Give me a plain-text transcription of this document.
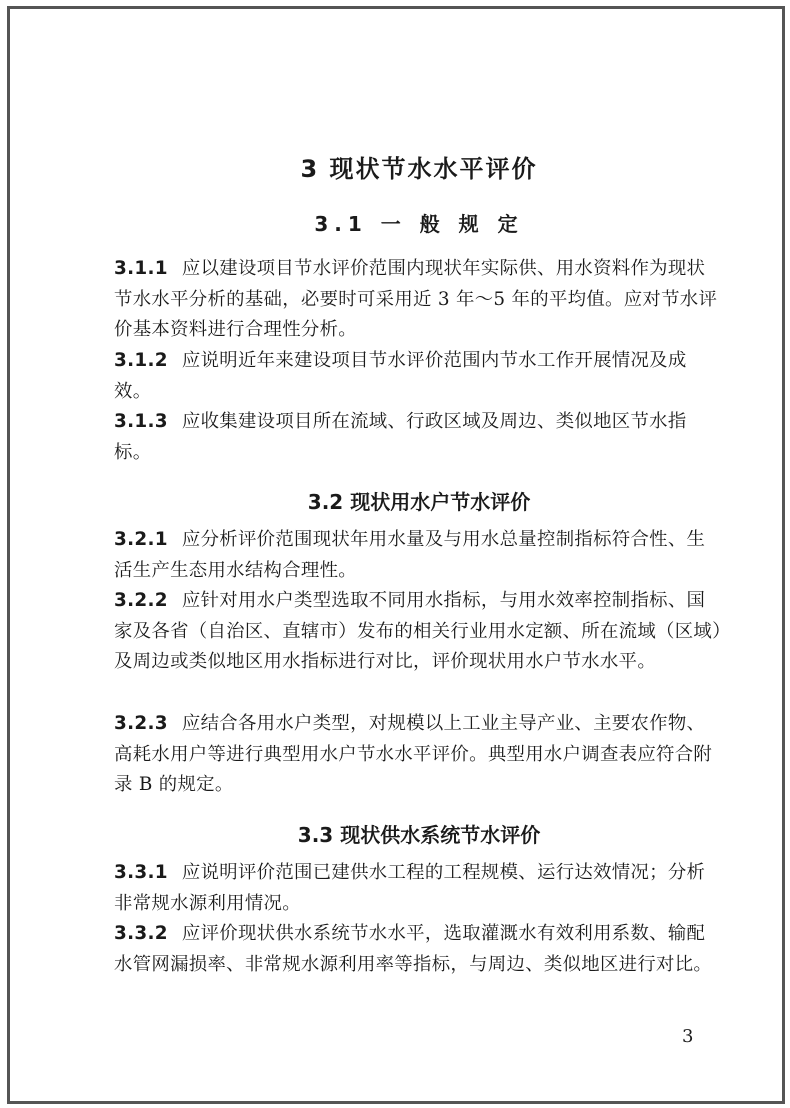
3 现状节水水平评价
3.1 一 般 规 定

3.1.1 应以建设项目节水评价范围内现状年实际供、用水资料作为现状节水水平分析的基础，必要时可采用近 3 年～5 年的平均值。应对节水评价基本资料进行合理性分析。

3.1.2 应说明近年来建设项目节水评价范围内节水工作开展情况及成效。

3.1.3 应收集建设项目所在流域、行政区域及周边、类似地区节水指标。

3.2 现状用水户节水评价

3.2.1 应分析评价范围现状年用水量及与用水总量控制指标符合性、生活生产生态用水结构合理性。

3.2.2 应针对用水户类型选取不同用水指标，与用水效率控制指标、国家及各省（自治区、直辖市）发布的相关行业用水定额、所在流域（区域）及周边或类似地区用水指标进行对比，评价现状用水户节水水平。

3.2.3 应结合各用水户类型，对规模以上工业主导产业、主要农作物、高耗水用户等进行典型用水户节水水平评价。典型用水户调查表应符合附录 B 的规定。

3.3 现状供水系统节水评价

3.3.1 应说明评价范围已建供水工程的工程规模、运行达效情况；分析非常规水源利用情况。

3.3.2 应评价现状供水系统节水水平，选取灌溉水有效利用系数、输配水管网漏损率、非常规水源利用率等指标，与周边、类似地区进行对比。

3
